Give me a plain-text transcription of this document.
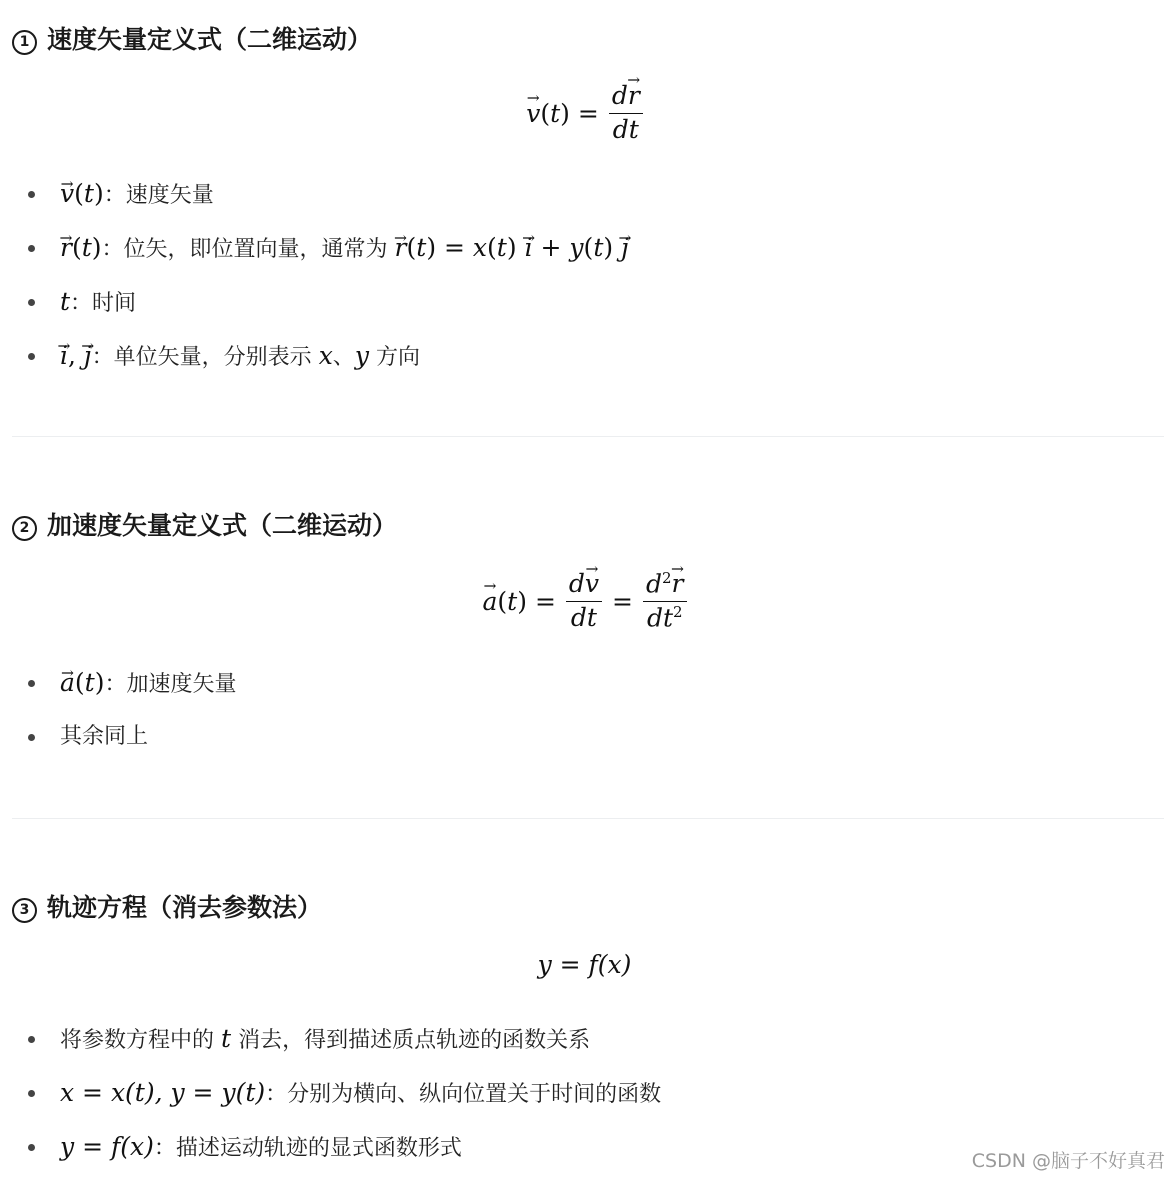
1 速度矢量定义式（二维运动）
→ $v(t) = \frac{d\to r}{dt}$
→ v(t)：速度矢量
→ r(t)：位矢，即位置向量，通常为 → r(t) = x(t) → i + y(t) → j
t：时间
→ i, → j：单位矢量，分别表示 x、y 方向
2 加速度矢量定义式（二维运动）
→ $a(t) = \frac{d\to v}{dt} = \frac{d^2\to r}{dt^2}$
→ a(t)：加速度矢量
其余同上
3 轨迹方程（消去参数法）
y = f(x)
将参数方程中的 t 消去，得到描述质点轨迹的函数关系
x = x(t), y = y(t)：分别为横向、纵向位置关于时间的函数
y = f(x)：描述运动轨迹的显式函数形式	CSDN @脑子不好真君
